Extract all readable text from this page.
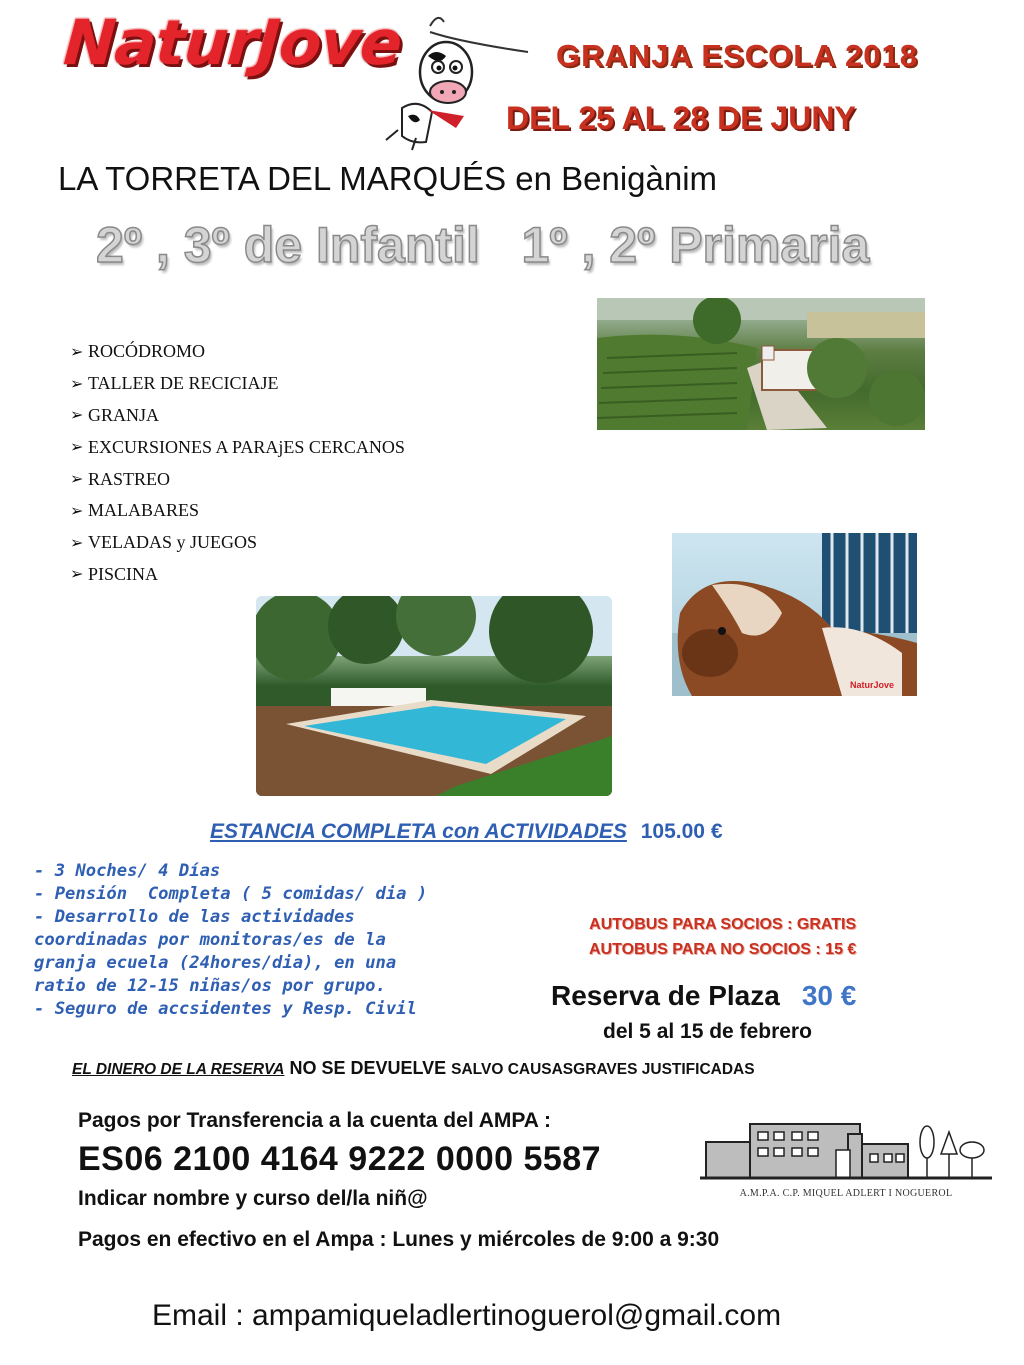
NaturJove	GRANJA ESCOLA 2018
DEL 25 AL 28 DE JUNY
LA TORRETA DEL MARQUÉS en Benigànim
2º , 3º de Infantil   1º , 2º Primaria
➢ ROCÓDROMO
➢ TALLER DE RECICIAJE
➢ GRANJA
➢ EXCURSIONES A PARAjES CERCANOS
➢ RASTREO
➢ MALABARES
➢ VELADAS y JUEGOS
➢ PISCINA
NaturJove
ESTANCIA COMPLETA con ACTIVIDADES 105.00 €
- 3 Noches/ 4 Días
- Pensión  Completa ( 5 comidas/ dia )
- Desarrollo de las actividades
coordinadas por monitoras/es de la
granja ecuela (24hores/dia), en una
ratio de 12-15 niñas/os por grupo.
- Seguro de accsidentes y Resp. Civil
AUTOBUS PARA SOCIOS : GRATIS
AUTOBUS PARA NO SOCIOS : 15 €
Reserva de Plaza 30 €
del 5 al 15 de febrero
EL DINERO DE LA RESERVA NO SE DEVUELVE SALVO CAUSASGRAVES JUSTIFICADAS
Pagos por Transferencia a la cuenta del AMPA :
ES06 2100 4164 9222 0000 5587
Indicar nombre y curso del/la niñ@
Pagos en efectivo en el Ampa : Lunes y miércoles de 9:00 a 9:30
A.M.P.A. C.P. MIQUEL ADLERT I NOGUEROL
Email : ampamiqueladlertinoguerol@gmail.com
